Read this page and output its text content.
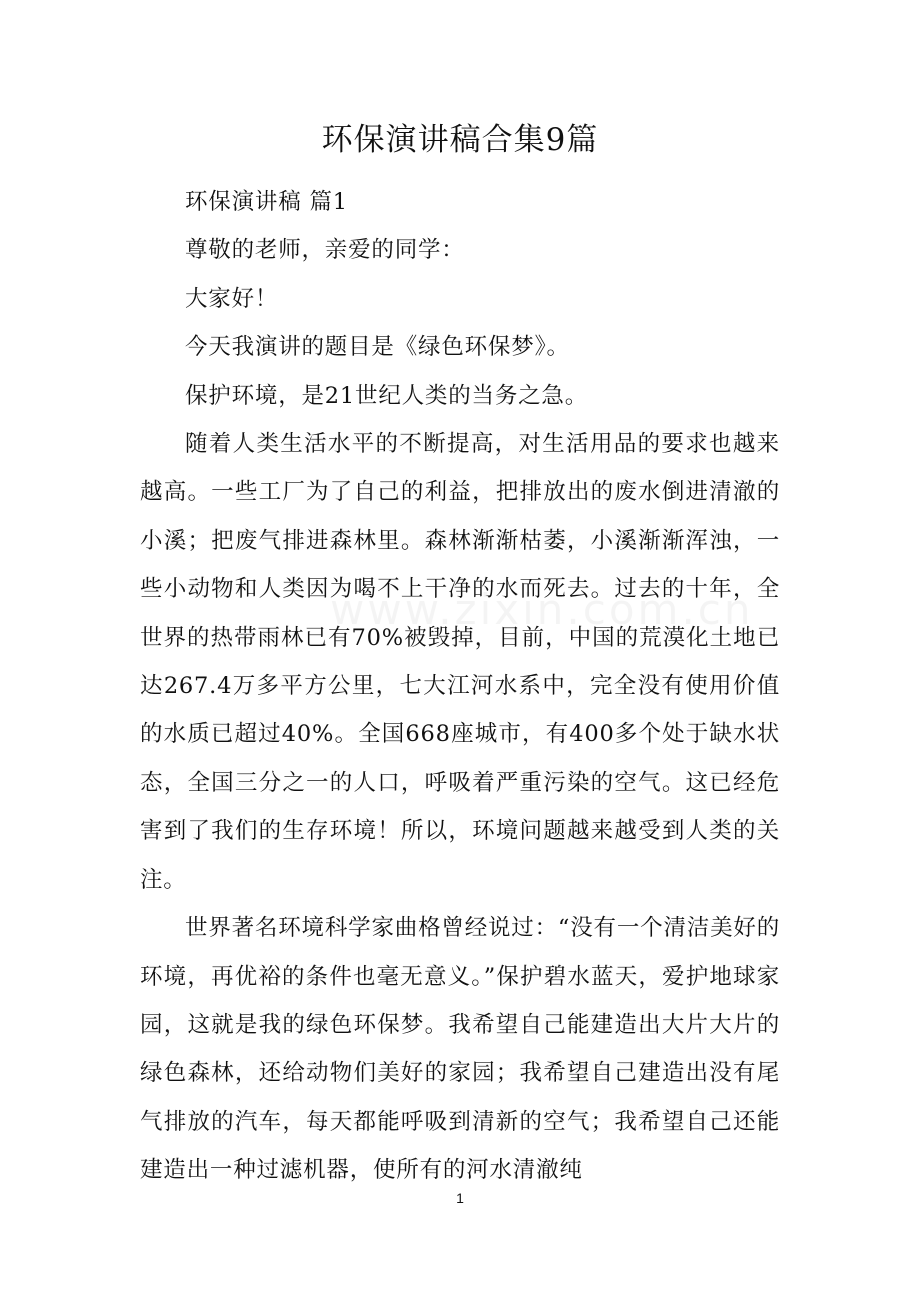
环保演讲稿合集9篇

环保演讲稿 篇1

尊敬的老师，亲爱的同学：

大家好！

今天我演讲的题目是《绿色环保梦》。

保护环境，是21世纪人类的当务之急。

随着人类生活水平的不断提高，对生活用品的要求也越来越高。一些工厂为了自己的利益，把排放出的废水倒进清澈的小溪；把废气排进森林里。森林渐渐枯萎，小溪渐渐浑浊，一些小动物和人类因为喝不上干净的水而死去。过去的十年，全世界的热带雨林已有70%被毁掉，目前，中国的荒漠化土地已达267.4万多平方公里，七大江河水系中，完全没有使用价值的水质已超过40%。全国668座城市，有400多个处于缺水状态，全国三分之一的人口，呼吸着严重污染的空气。这已经危害到了我们的生存环境！所以，环境问题越来越受到人类的关注。

世界著名环境科学家曲格曾经说过：“没有一个清洁美好的环境，再优裕的条件也毫无意义。”保护碧水蓝天，爱护地球家园，这就是我的绿色环保梦。我希望自己能建造出大片大片的绿色森林，还给动物们美好的家园；我希望自己建造出没有尾气排放的汽车，每天都能呼吸到清新的空气；我希望自己还能建造出一种过滤机器，使所有的河水清澈纯

1
